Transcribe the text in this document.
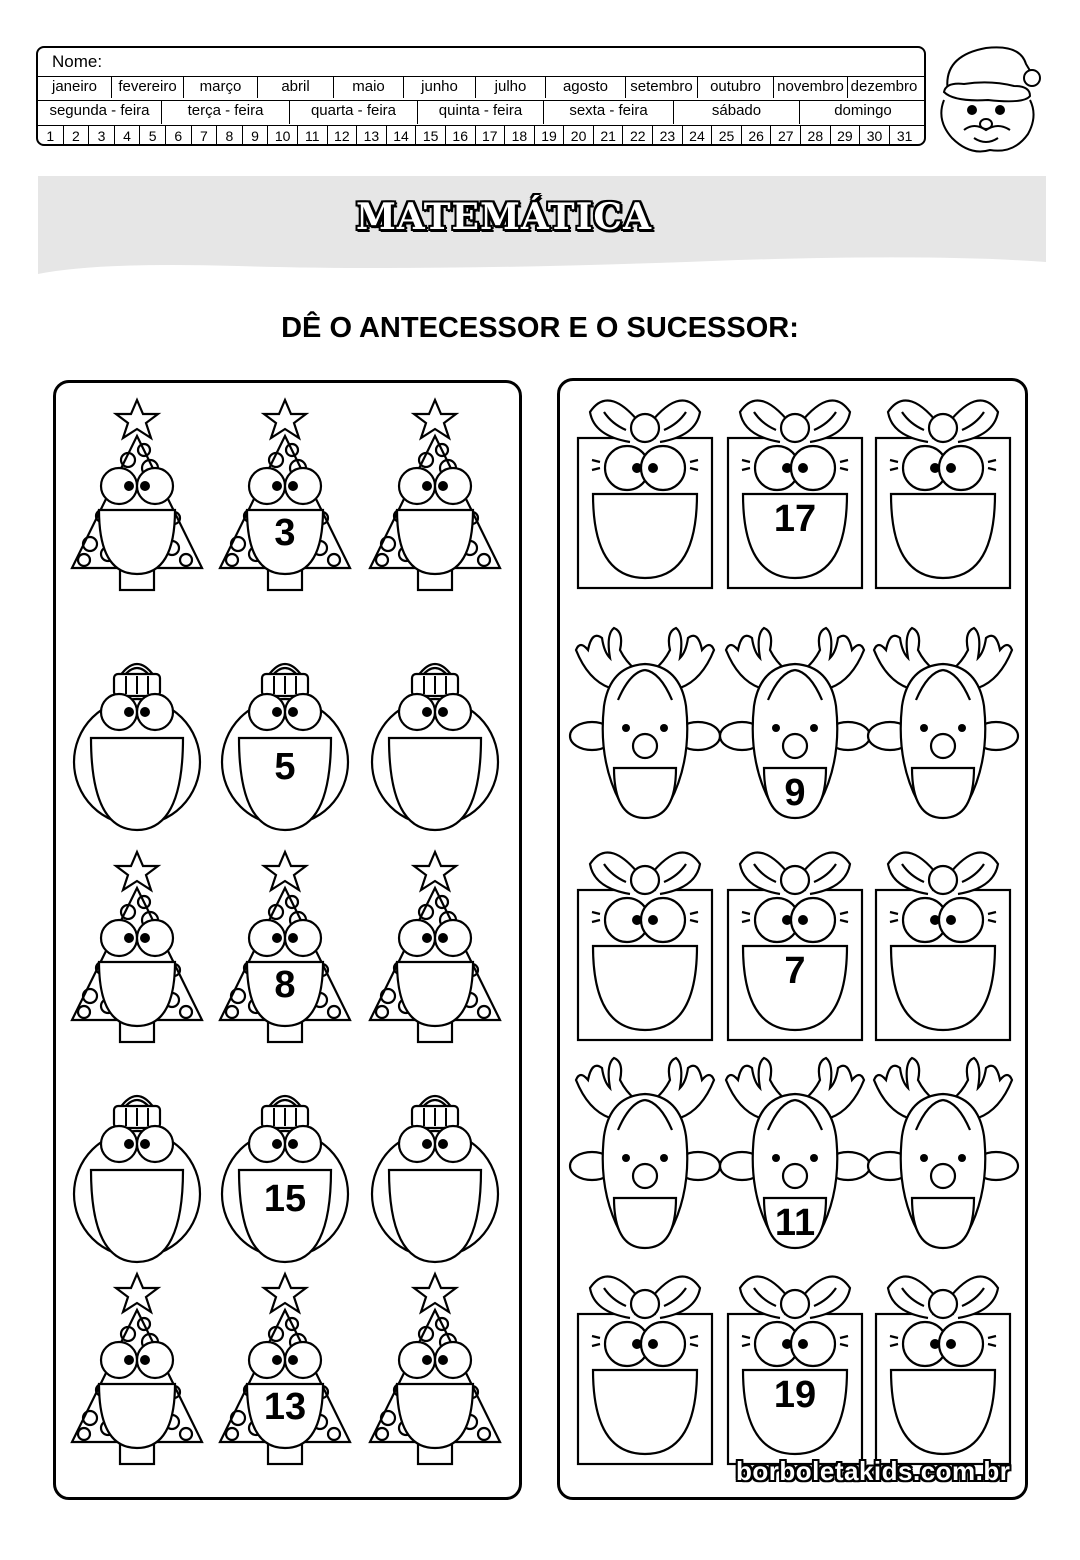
Nome:
janeiro	fevereiro	março	abril	maio	junho	julho	agosto	setembro	outubro	novembro dezembro
segunda - feira	terça - feira	quarta - feira	quinta - feira	sexta - feira	sábado	domingo
1	2	3	4	5	6	7	8	9	10	11	12	13	14	15	16	17	18	19	20	21	22	23	24	25	26	27	28	29	30	31
MATEMÁTICA
DÊ O ANTECESSOR E O SUCESSOR:
3
5
8
15
13
17
9
7
11
19
borboletakids.com.br
